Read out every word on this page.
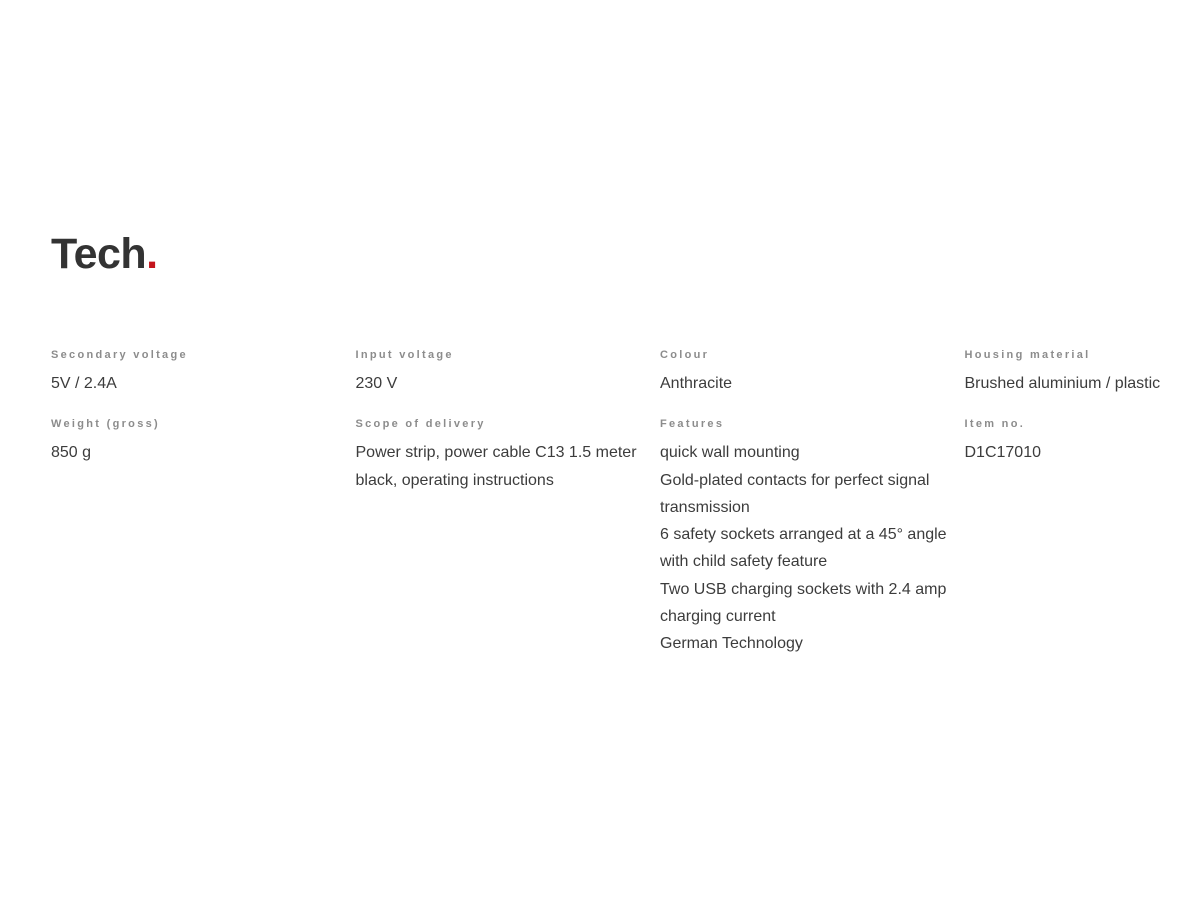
Tech.

Secondary voltage

5V / 2.4A

Input voltage

230 V

Colour

Anthracite

Housing material

Brushed aluminium / plastic

Weight (gross)

850 g

Scope of delivery

Power strip, power cable C13 1.5 meter black, operating instructions

Features

quick wall mounting
Gold-plated contacts for perfect signal transmission
6 safety sockets arranged at a 45° angle with child safety feature
Two USB charging sockets with 2.4 amp charging current
German Technology

Item no.

D1C17010
